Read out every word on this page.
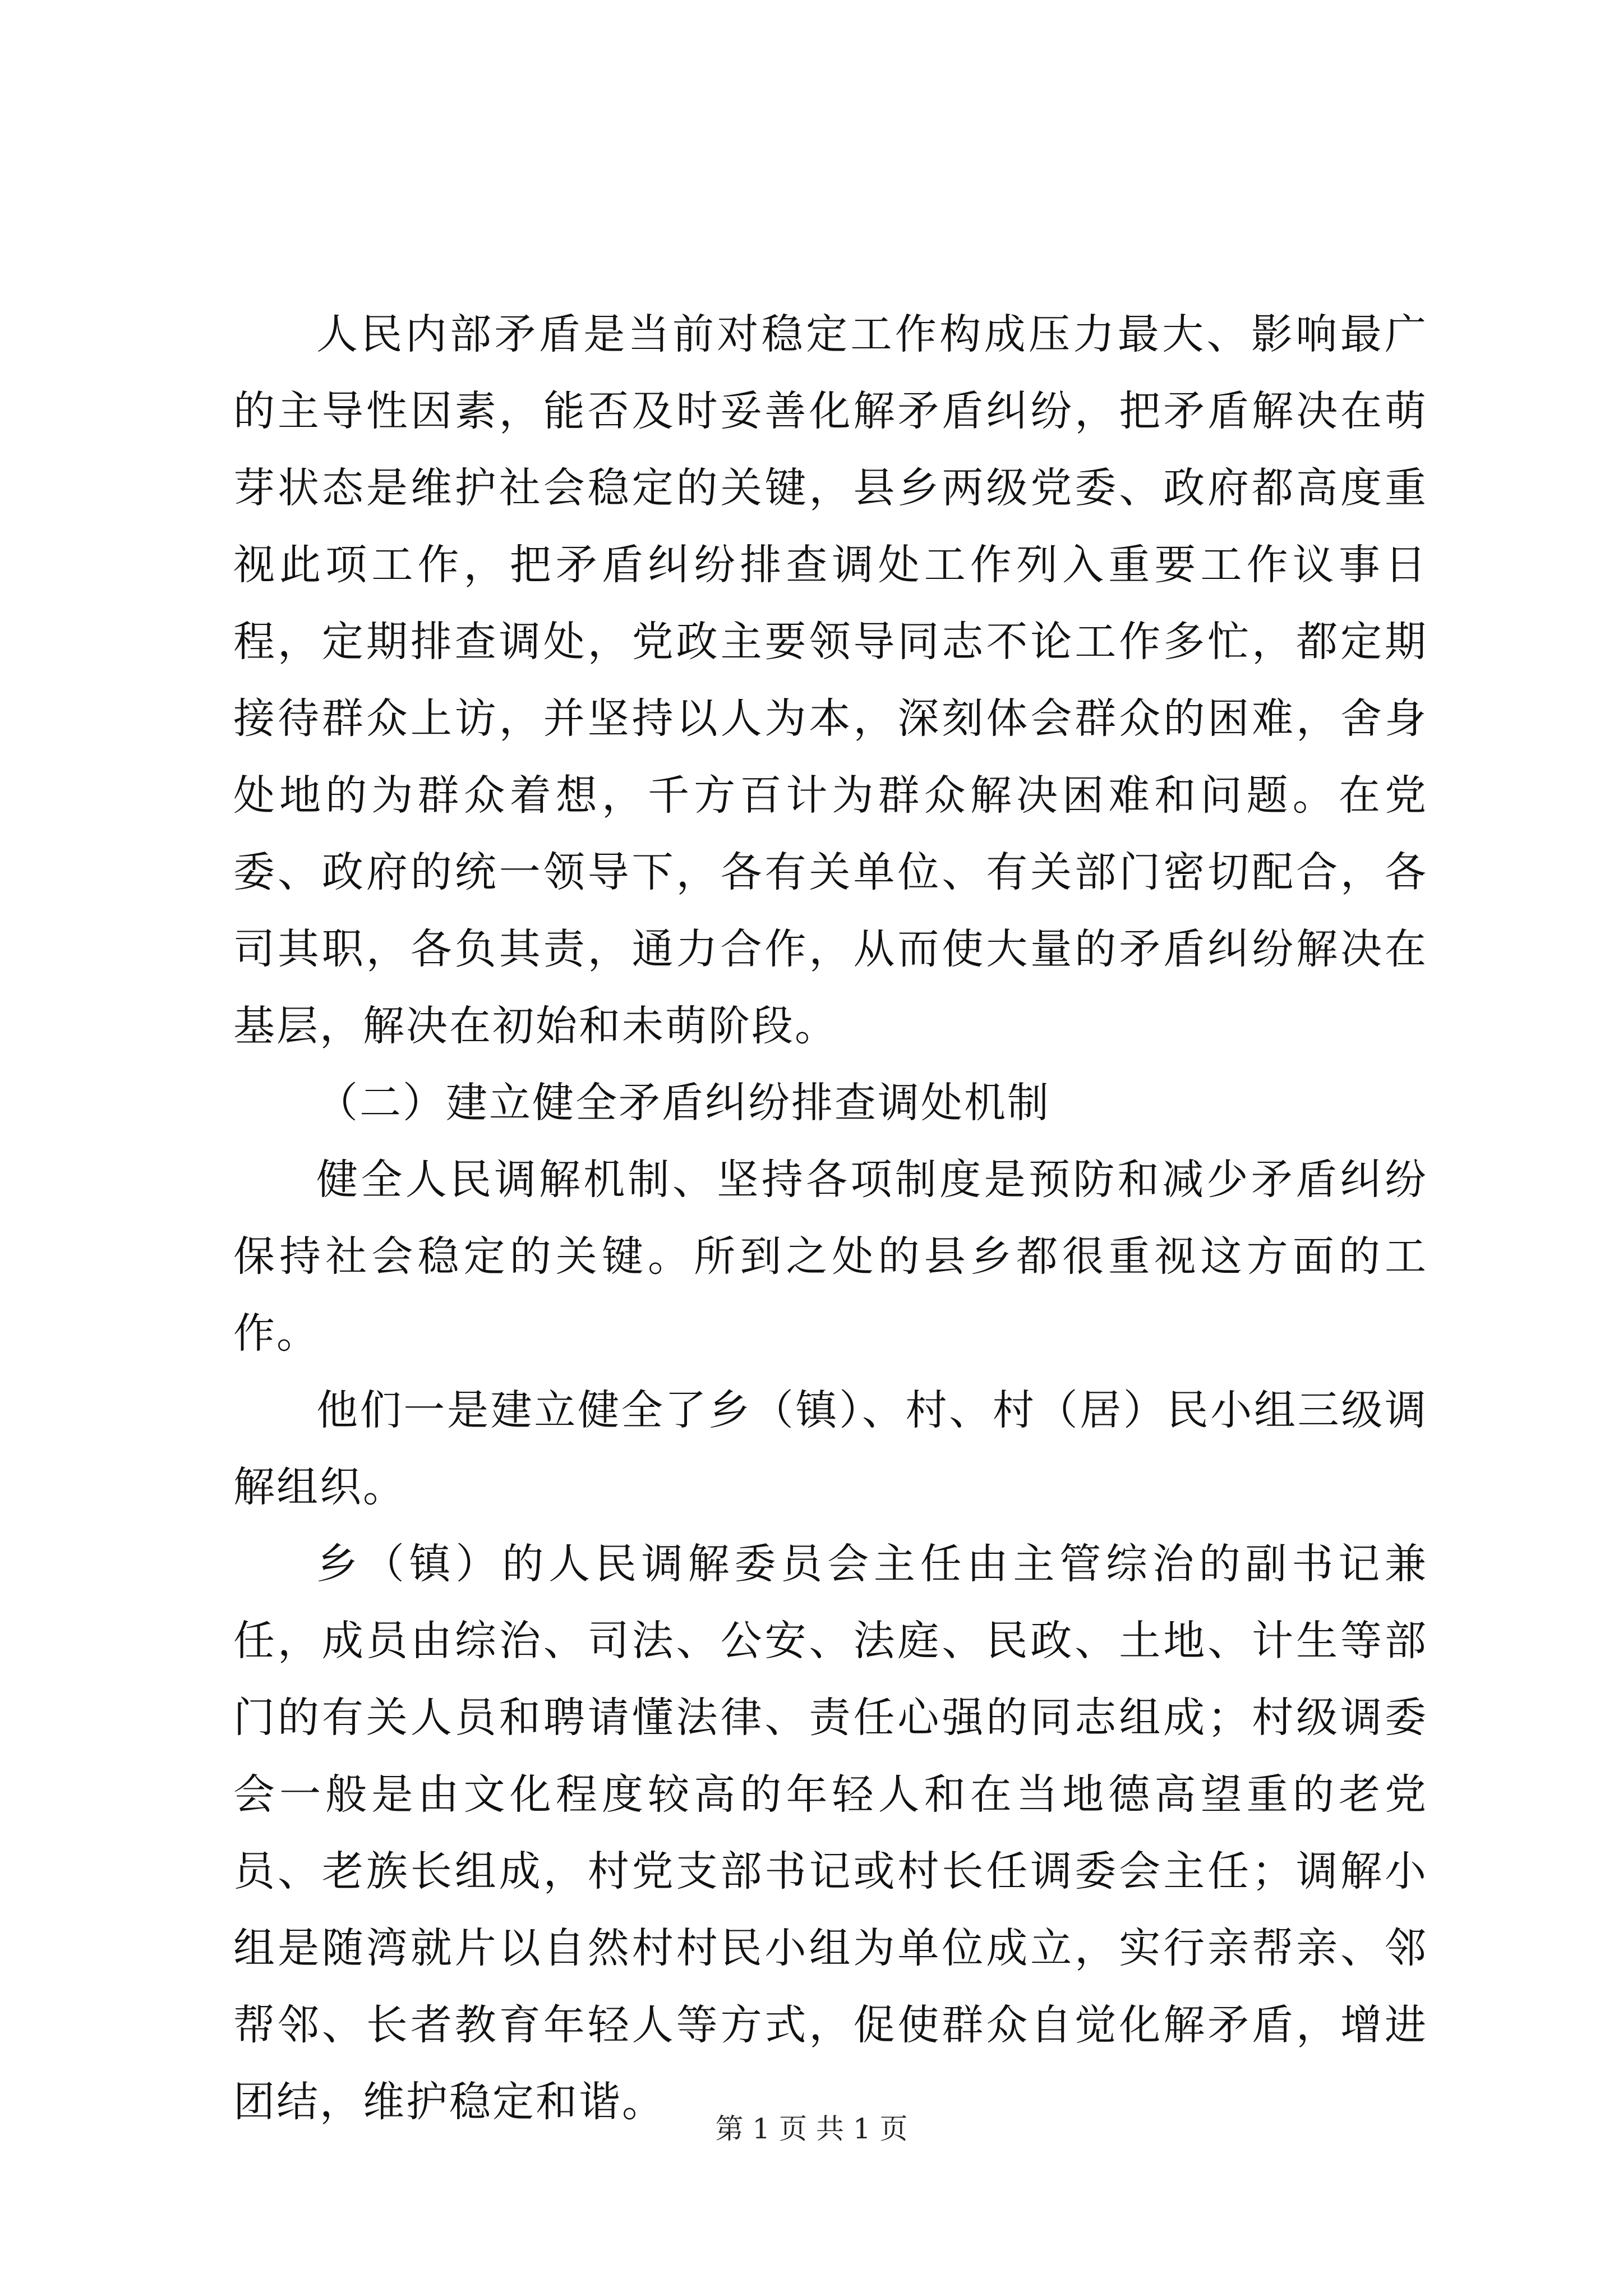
人民内部矛盾是当前对稳定工作构成压力最大、影响最广的主导性因素，能否及时妥善化解矛盾纠纷，把矛盾解决在萌芽状态是维护社会稳定的关键，县乡两级党委、政府都高度重视此项工作，把矛盾纠纷排查调处工作列入重要工作议事日程，定期排查调处，党政主要领导同志不论工作多忙，都定期接待群众上访，并坚持以人为本，深刻体会群众的困难，舍身处地的为群众着想，千方百计为群众解决困难和问题。在党委、政府的统一领导下，各有关单位、有关部门密切配合，各司其职，各负其责，通力合作，从而使大量的矛盾纠纷解决在基层，解决在初始和未萌阶段。

（二）建立健全矛盾纠纷排查调处机制

健全人民调解机制、坚持各项制度是预防和减少矛盾纠纷保持社会稳定的关键。所到之处的县乡都很重视这方面的工作。

他们一是建立健全了乡（镇）、村、村（居）民小组三级调解组织。

乡（镇）的人民调解委员会主任由主管综治的副书记兼任，成员由综治、司法、公安、法庭、民政、土地、计生等部门的有关人员和聘请懂法律、责任心强的同志组成；村级调委会一般是由文化程度较高的年轻人和在当地德高望重的老党员、老族长组成，村党支部书记或村长任调委会主任；调解小组是随湾就片以自然村村民小组为单位成立，实行亲帮亲、邻帮邻、长者教育年轻人等方式，促使群众自觉化解矛盾，增进团结，维护稳定和谐。

第 1 页 共 1 页
